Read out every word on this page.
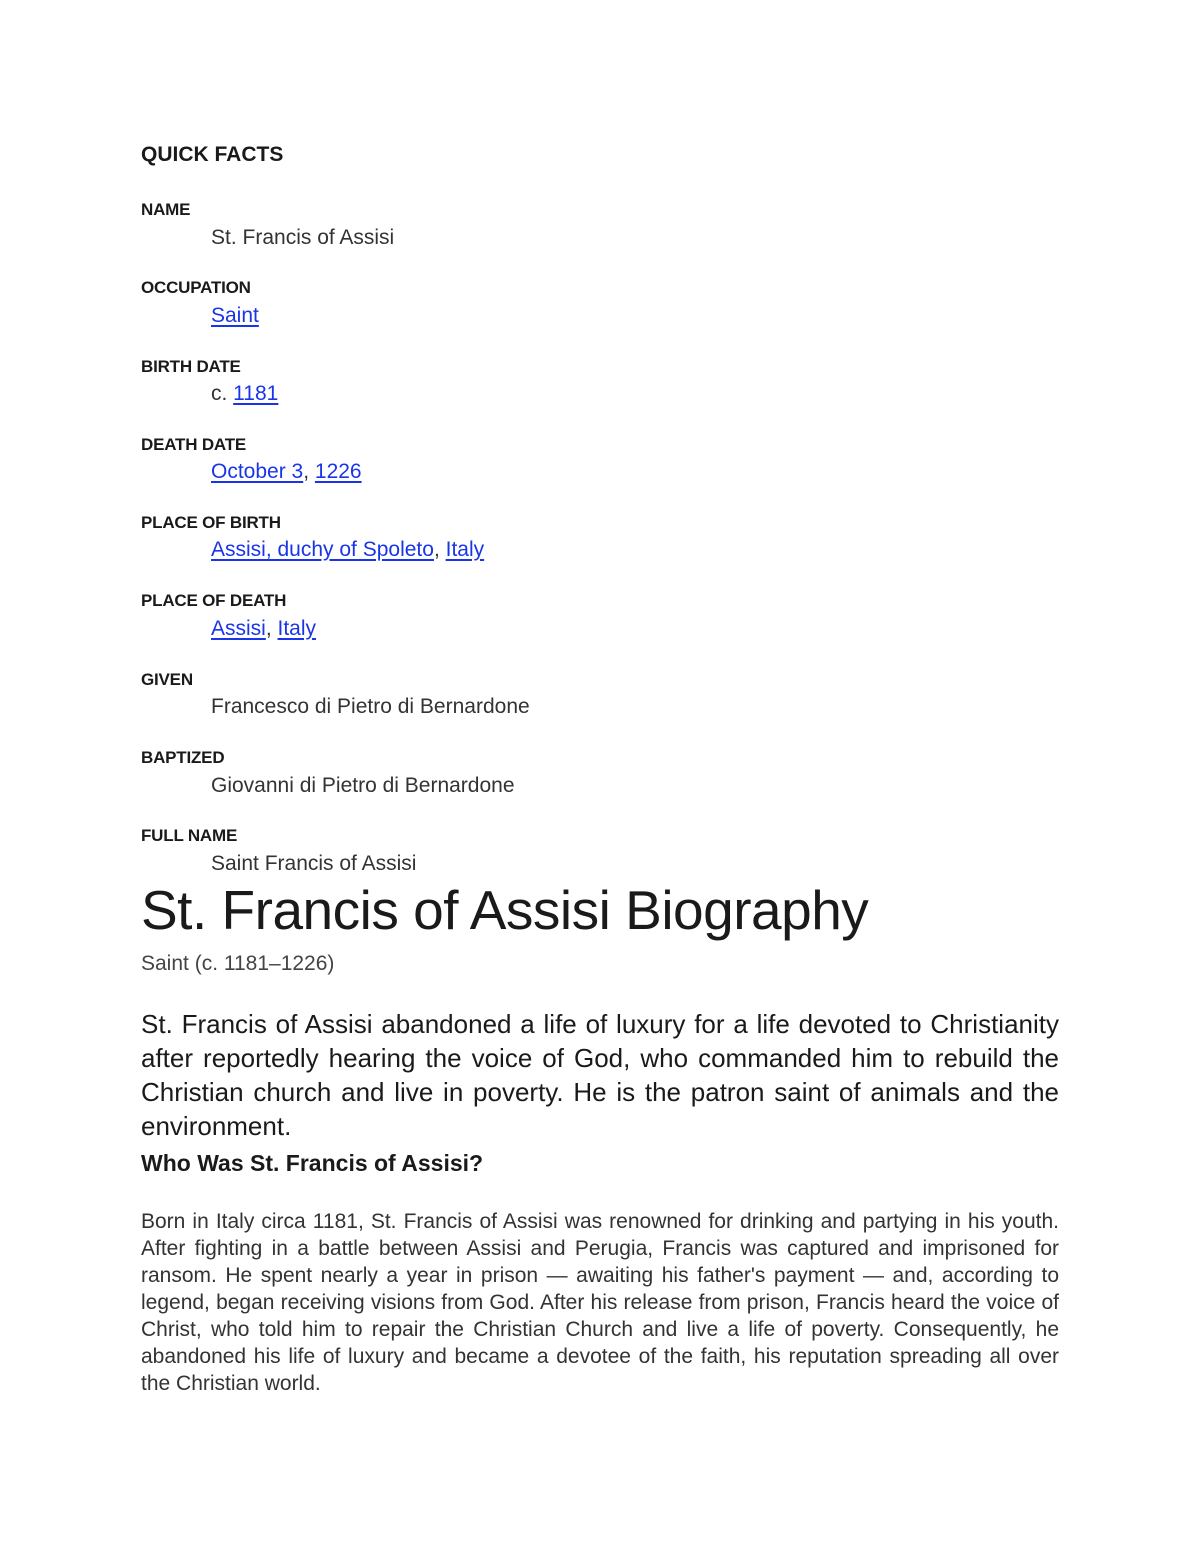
QUICK FACTS
NAME
St. Francis of Assisi
OCCUPATION
Saint
BIRTH DATE
c. 1181
DEATH DATE
October 3, 1226
PLACE OF BIRTH
Assisi, duchy of Spoleto, Italy
PLACE OF DEATH
Assisi, Italy
GIVEN
Francesco di Pietro di Bernardone
BAPTIZED
Giovanni di Pietro di Bernardone
FULL NAME
Saint Francis of Assisi
St. Francis of Assisi Biography
Saint (c. 1181–1226)
St. Francis of Assisi abandoned a life of luxury for a life devoted to Christianity after reportedly hearing the voice of God, who commanded him to rebuild the Christian church and live in poverty. He is the patron saint of animals and the environment.
Who Was St. Francis of Assisi?
Born in Italy circa 1181, St. Francis of Assisi was renowned for drinking and partying in his youth. After fighting in a battle between Assisi and Perugia, Francis was captured and imprisoned for ransom. He spent nearly a year in prison — awaiting his father's payment — and, according to legend, began receiving visions from God. After his release from prison, Francis heard the voice of Christ, who told him to repair the Christian Church and live a life of poverty. Consequently, he abandoned his life of luxury and became a devotee of the faith, his reputation spreading all over the Christian world.
